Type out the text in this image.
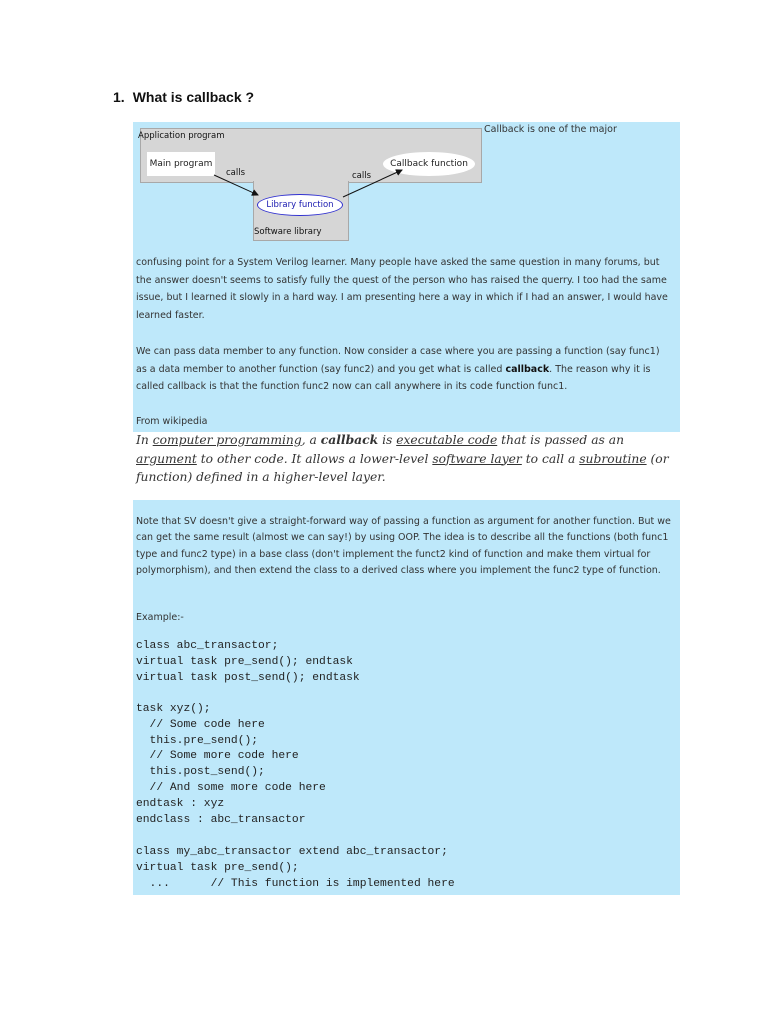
1. What is callback ?
Application program
Main program	Callback function
Library function
Software library
calls	calls
Callback is one of the major

confusing point for a System Verilog learner. Many people have asked the same question in many forums, but the answer doesn't seems to satisfy fully the quest of the person who has raised the querry. I too had the same issue, but I learned it slowly in a hard way. I am presenting here a way in which if I had an answer, I would have learned faster.

We can pass data member to any function. Now consider a case where you are passing a function (say func1) as a data member to another function (say func2) and you get what is called callback. The reason why it is called callback is that the function func2 now can call anywhere in its code function func1.

From wikipedia

In computer programming, a callback is executable code that is passed as an argument to other code. It allows a lower-level software layer to call a subroutine (or function) defined in a higher-level layer.

Note that SV doesn't give a straight-forward way of passing a function as argument for another function. But we can get the same result (almost we can say!) by using OOP. The idea is to describe all the functions (both func1 type and func2 type) in a base class (don't implement the funct2 kind of function and make them virtual for polymorphism), and then extend the class to a derived class where you implement the func2 type of function.

Example:-
class abc_transactor;
virtual task pre_send(); endtask
virtual task post_send(); endtask
task xyz();
// Some code here
this.pre_send();
// Some more code here
this.post_send();
// And some more code here
endtask : xyz
endclass : abc_transactor
class my_abc_transactor extend abc_transactor;
virtual task pre_send();
...      // This function is implemented here
